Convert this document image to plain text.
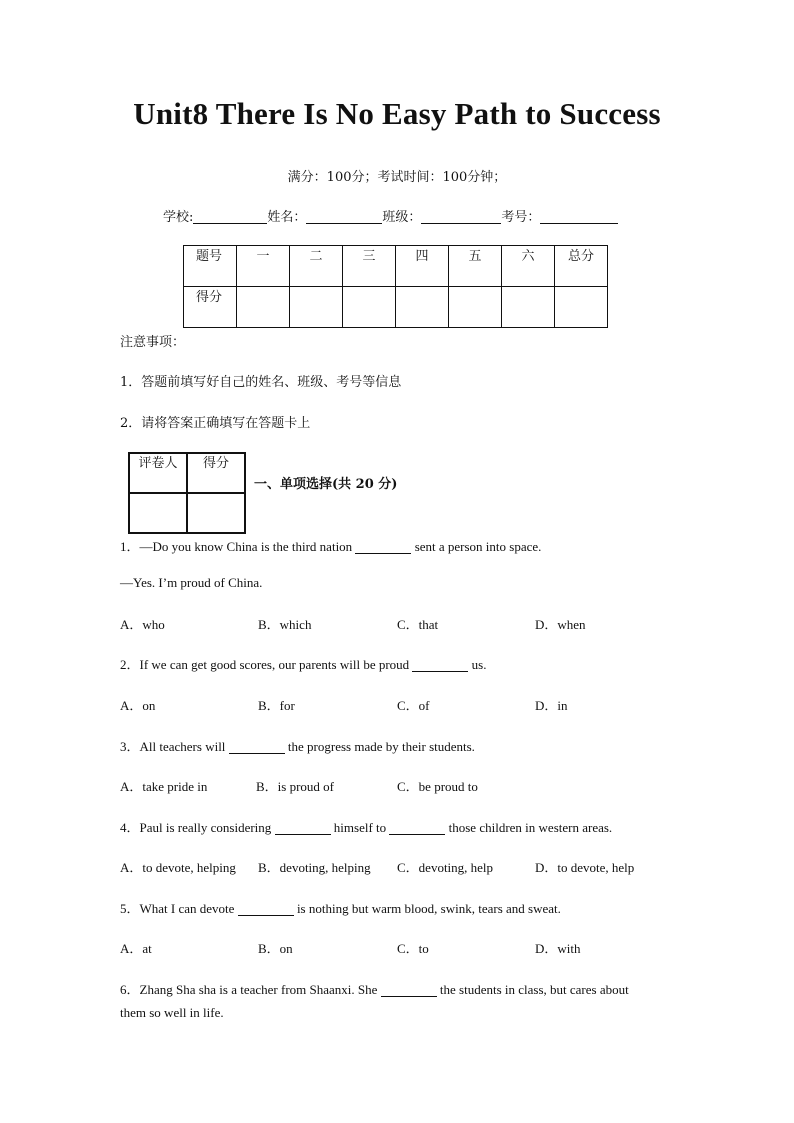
Unit8 There Is No Easy Path to Success
满分：100分；考试时间：100分钟；
学校:	姓名：	班级：	考号：
题号	一	二	三	四	五	六	总分
得分							
注意事项：
1．答题前填写好自己的姓名、班级、考号等信息
2．请将答案正确填写在答题卡上
评卷人	得分

一、单项选择(共 20 分)
1．—Do you know China is the third nation	sent a person into space.
—Yes. I’m proud of China.
A．who	B．which	C．that	D．when
2．If we can get good scores, our parents will be proud	us.
A．on	B．for	C．of	D．in
3．All teachers will	the progress made by their students.
A．take pride in	B．is proud of	C．be proud to
4．Paul is really considering	himself to	those children in western areas.
A．to devote, helping B．devoting, helping C．devoting, help	D．to devote, help
5．What I can devote	is nothing but warm blood, swink, tears and sweat.
A．at	B．on	C．to	D．with
6．Zhang Sha sha is a teacher from Shaanxi. She	the students in class, but cares about
them so well in life.
